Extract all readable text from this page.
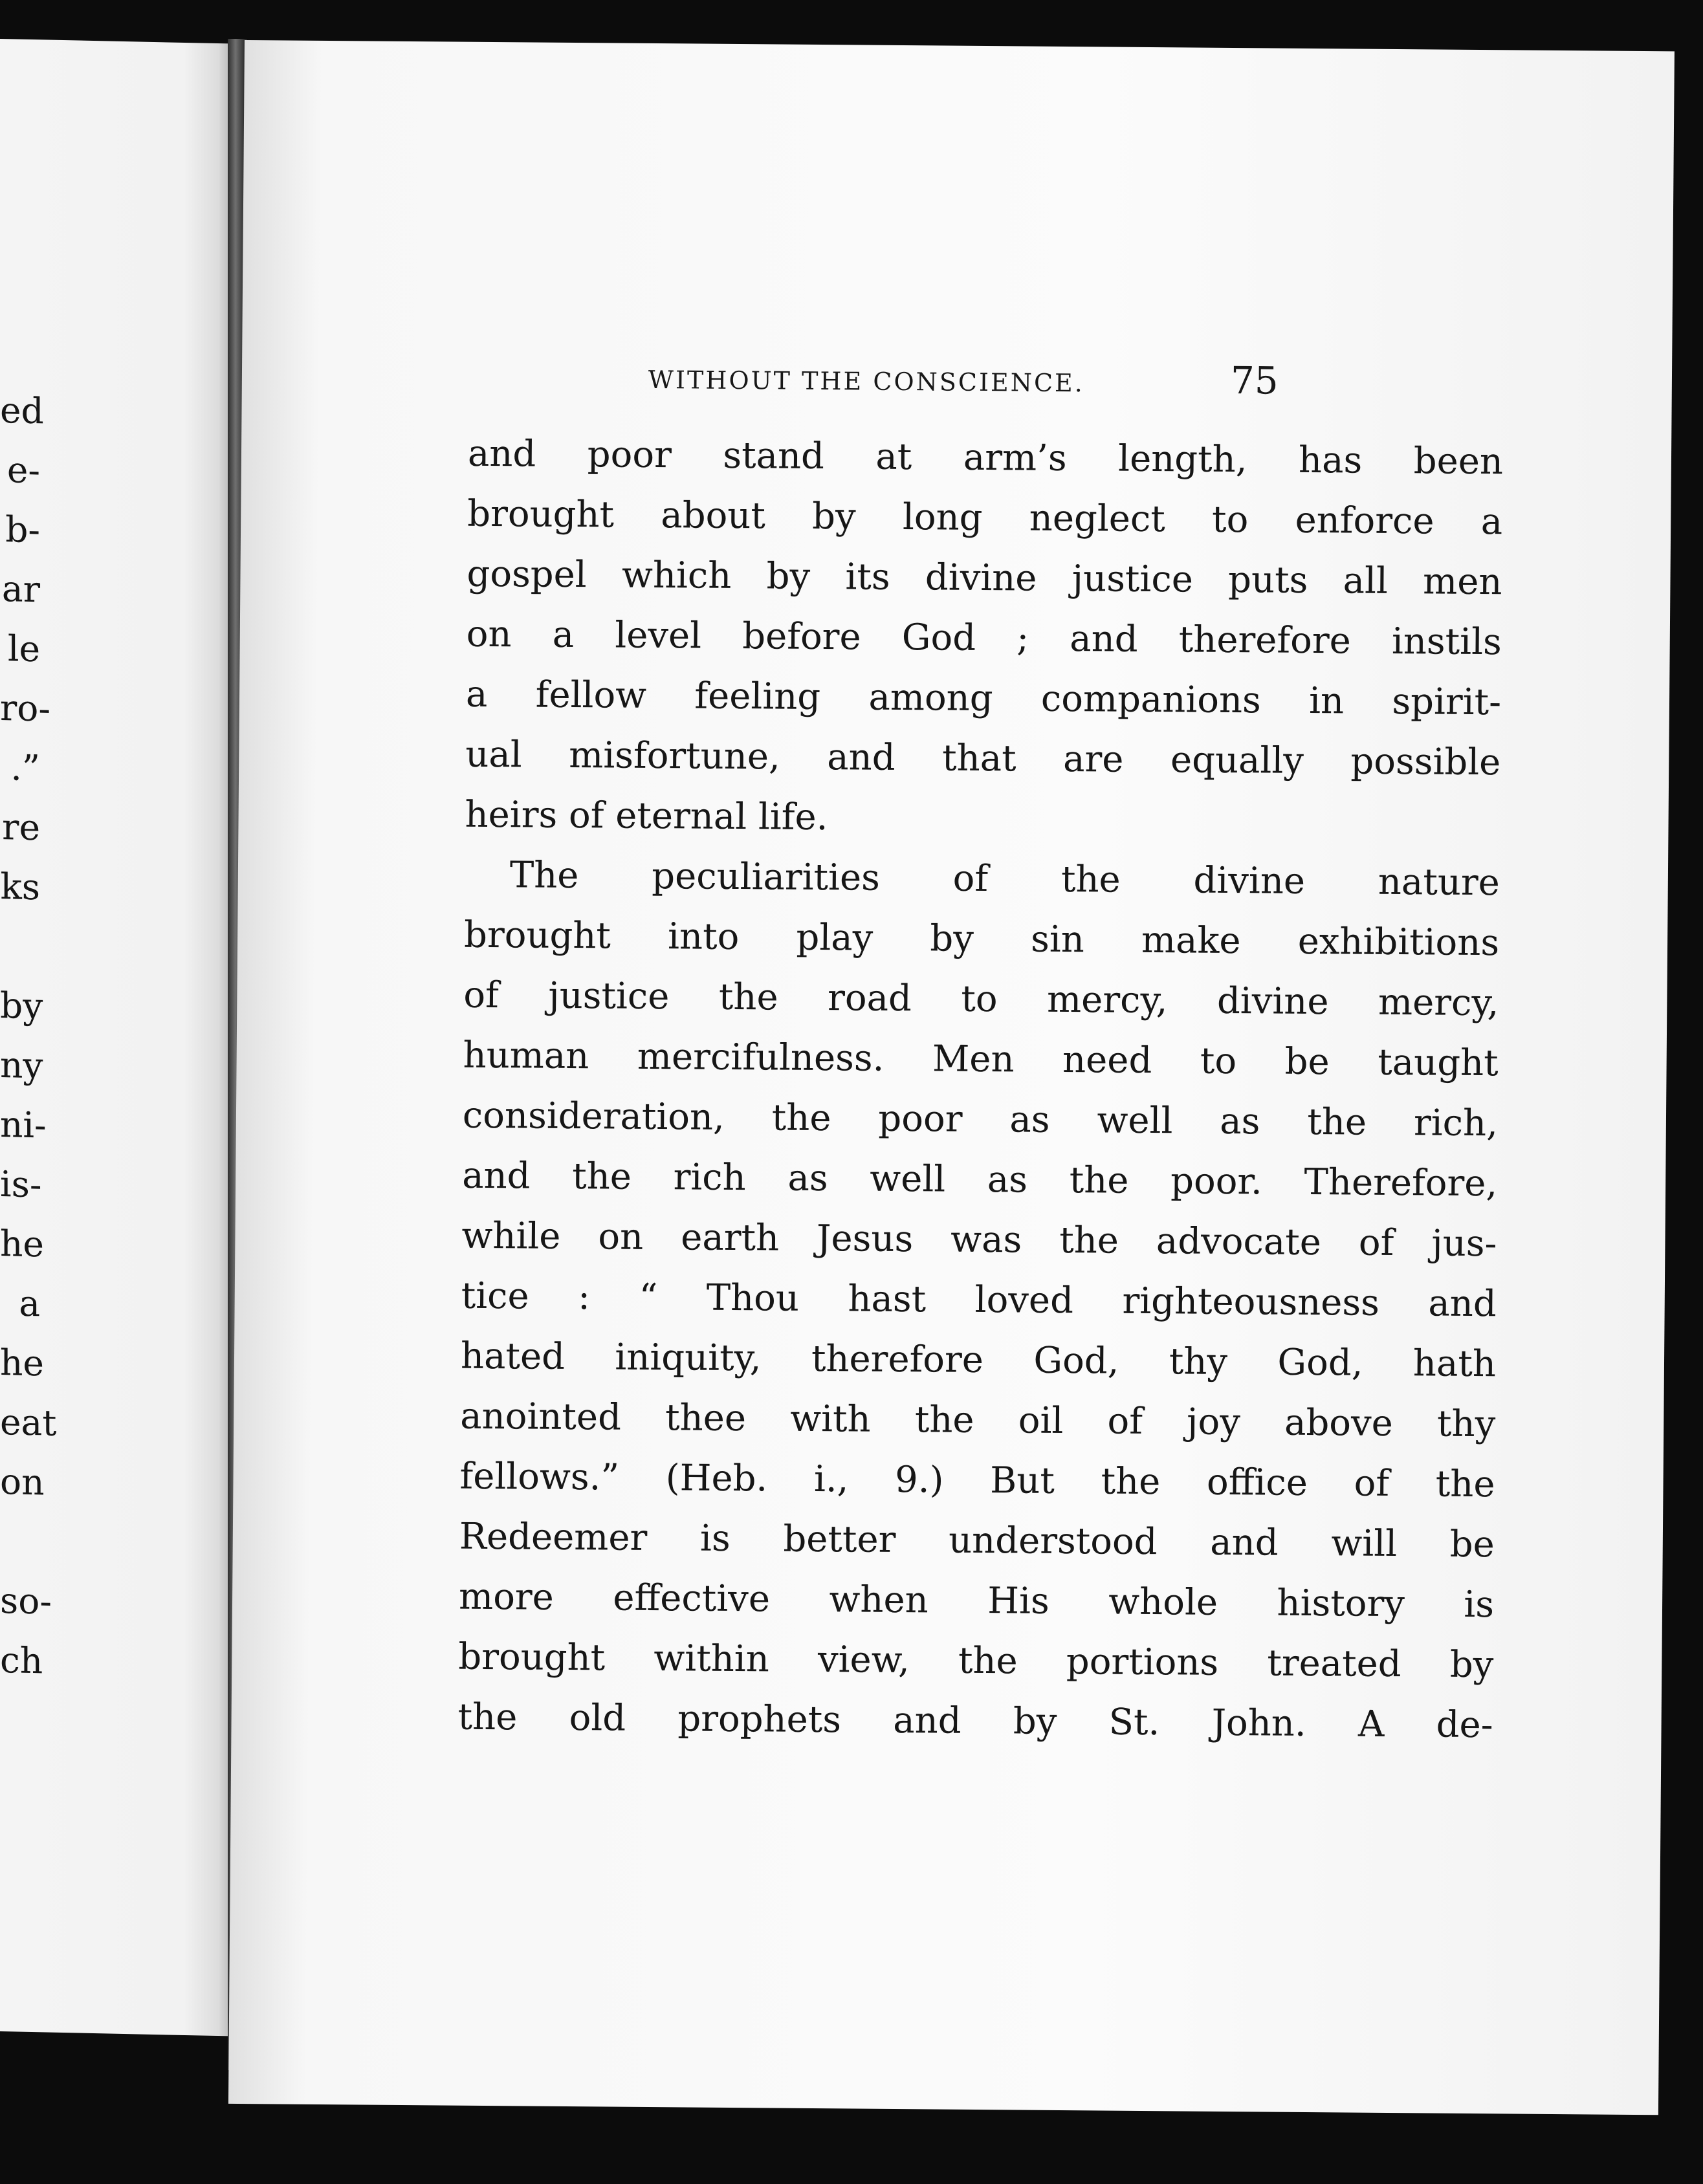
ed
e-
b-
ar
le
ro-
.”
re
ks
by
ny
ni-
is-
he
a
he
eat
on
so-
ch
WITHOUT THE CONSCIENCE.	75

and poor stand at arm’s length, has been

brought about by long neglect to enforce a

gospel which by its divine justice puts all men

on a level before God ; and therefore instils

a fellow feeling among companions in spirit-

ual misfortune, and that are equally possible

heirs of eternal life.

The peculiarities of the divine nature

brought into play by sin make exhibitions

of justice the road to mercy, divine mercy,

human mercifulness. Men need to be taught

consideration, the poor as well as the rich,

and the rich as well as the poor. Therefore,

while on earth Jesus was the advocate of jus-

tice : “ Thou hast loved righteousness and

hated iniquity, therefore God, thy God, hath

anointed thee with the oil of joy above thy

fellows.” (Heb. i., 9.) But the office of the

Redeemer is better understood and will be

more effective when His whole history is

brought within view, the portions treated by

the old prophets and by St. John. A de-
